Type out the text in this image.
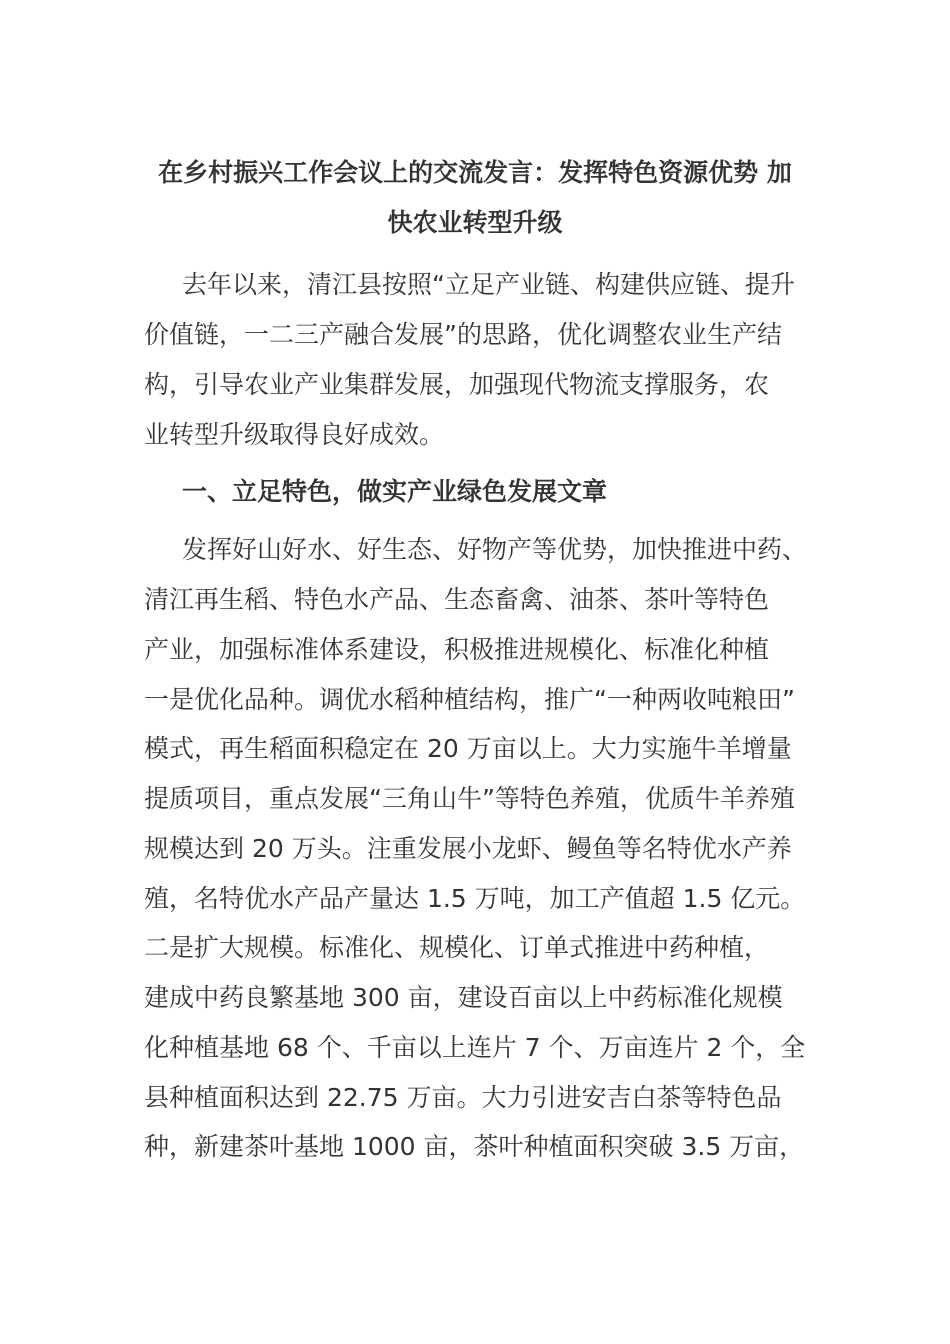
在乡村振兴工作会议上的交流发言：发挥特色资源优势 加
快农业转型升级
去年以来，清江县按照“立足产业链、构建供应链、提升
价值链，一二三产融合发展”的思路，优化调整农业生产结
构，引导农业产业集群发展，加强现代物流支撑服务，农
业转型升级取得良好成效。
一、立足特色，做实产业绿色发展文章
发挥好山好水、好生态、好物产等优势，加快推进中药、
清江再生稻、特色水产品、生态畜禽、油茶、茶叶等特色
产业，加强标准体系建设，积极推进规模化、标准化种植
一是优化品种。调优水稻种植结构，推广“一种两收吨粮田”
模式，再生稻面积稳定在 20 万亩以上。大力实施牛羊增量
提质项目，重点发展“三角山牛”等特色养殖，优质牛羊养殖
规模达到 20 万头。注重发展小龙虾、鳗鱼等名特优水产养
殖，名特优水产品产量达 1.5 万吨，加工产值超 1.5 亿元。
二是扩大规模。标准化、规模化、订单式推进中药种植，
建成中药良繁基地 300 亩，建设百亩以上中药标准化规模
化种植基地 68 个、千亩以上连片 7 个、万亩连片 2 个，全
县种植面积达到 22.75 万亩。大力引进安吉白茶等特色品
种，新建茶叶基地 1000 亩，茶叶种植面积突破 3.5 万亩，
